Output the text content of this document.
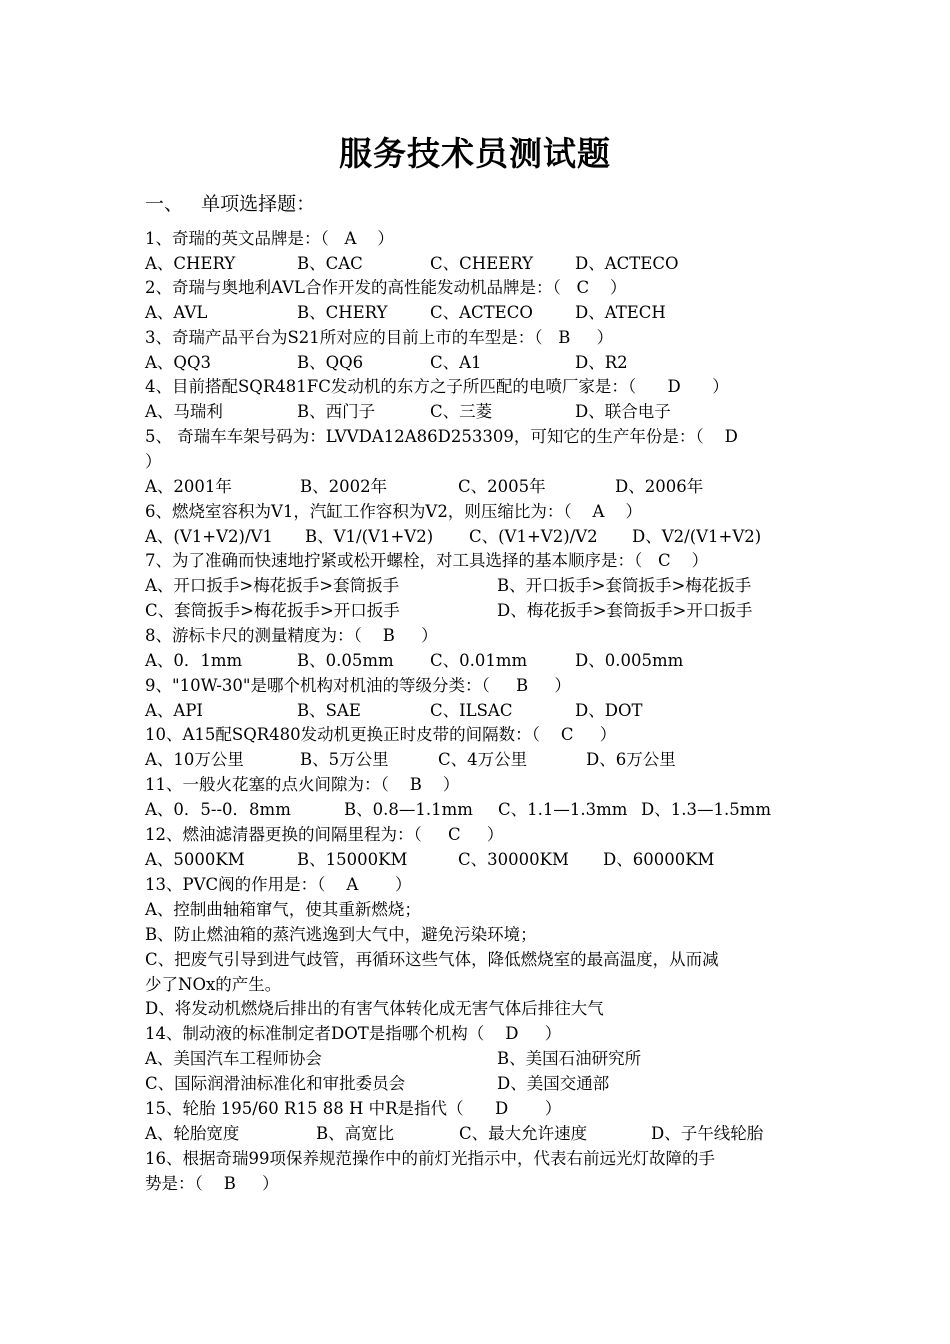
服务技术员测试题
一、   单项选择题：
1、奇瑞的英文品牌是：（   A    ）
A、CHERY	B、CAC	C、CHEERY	D、ACTECO
2、奇瑞与奥地利AVL合作开发的高性能发动机品牌是：（   C    ）
A、AVL	B、CHERY	C、ACTECO	D、ATECH
3、奇瑞产品平台为S21所对应的目前上市的车型是：（   B     ）
A、QQ3	B、QQ6	C、A1	D、R2
4、目前搭配SQR481FC发动机的东方之子所匹配的电喷厂家是：（      D      ）
A、马瑞利	B、西门子	C、三菱	D、联合电子
5、 奇瑞车车架号码为：LVVDA12A86D253309，可知它的生产年份是：（    D
）
A、2001年	B、2002年	C、2005年	D、2006年
6、燃烧室容积为V1，汽缸工作容积为V2，则压缩比为：（    A    ）
A、(V1+V2)/V1 B、V1/(V1+V2) C、(V1+V2)/V2 D、V2/(V1+V2)
7、为了准确而快速地拧紧或松开螺栓，对工具选择的基本顺序是：（   C    ）
A、开口扳手>梅花扳手>套筒扳手	B、开口扳手>套筒扳手>梅花扳手
C、套筒扳手>梅花扳手>开口扳手	D、梅花扳手>套筒扳手>开口扳手
8、游标卡尺的测量精度为：（    B     ）
A、0．1mm	B、0.05mm C、0.01mm	D、0.005mm
9、"10W-30"是哪个机构对机油的等级分类：（     B     ）
A、API	B、SAE	C、ILSAC	D、DOT
10、A15配SQR480发动机更换正时皮带的间隔数：（    C     ）
A、10万公里	B、5万公里	C、4万公里	D、6万公里
11、一般火花塞的点火间隙为：（    B    ）
A、0．5--0．8mm	B、0.8—1.1mm C、1.1—1.3mm D、1.3—1.5mm
12、燃油滤清器更换的间隔里程为：（     C     ）
A、5000KM	B、15000KM	C、30000KM D、60000KM
13、PVC阀的作用是：（    A       ）
A、控制曲轴箱窜气，使其重新燃烧；
B、防止燃油箱的蒸汽逃逸到大气中，避免污染环境；
C、把废气引导到进气歧管，再循环这些气体，降低燃烧室的最高温度，从而减
少了NOx的产生。
D、将发动机燃烧后排出的有害气体转化成无害气体后排往大气
14、制动液的标准制定者DOT是指哪个机构（    D     ）
A、美国汽车工程师协会	B、美国石油研究所
C、国际润滑油标准化和审批委员会	D、美国交通部
15、轮胎 195/60 R15 88 H 中R是指代（      D       ）
A、轮胎宽度	B、高宽比	C、最大允许速度	D、子午线轮胎
16、根据奇瑞99项保养规范操作中的前灯光指示中，代表右前远光灯故障的手
势是：（    B     ）
